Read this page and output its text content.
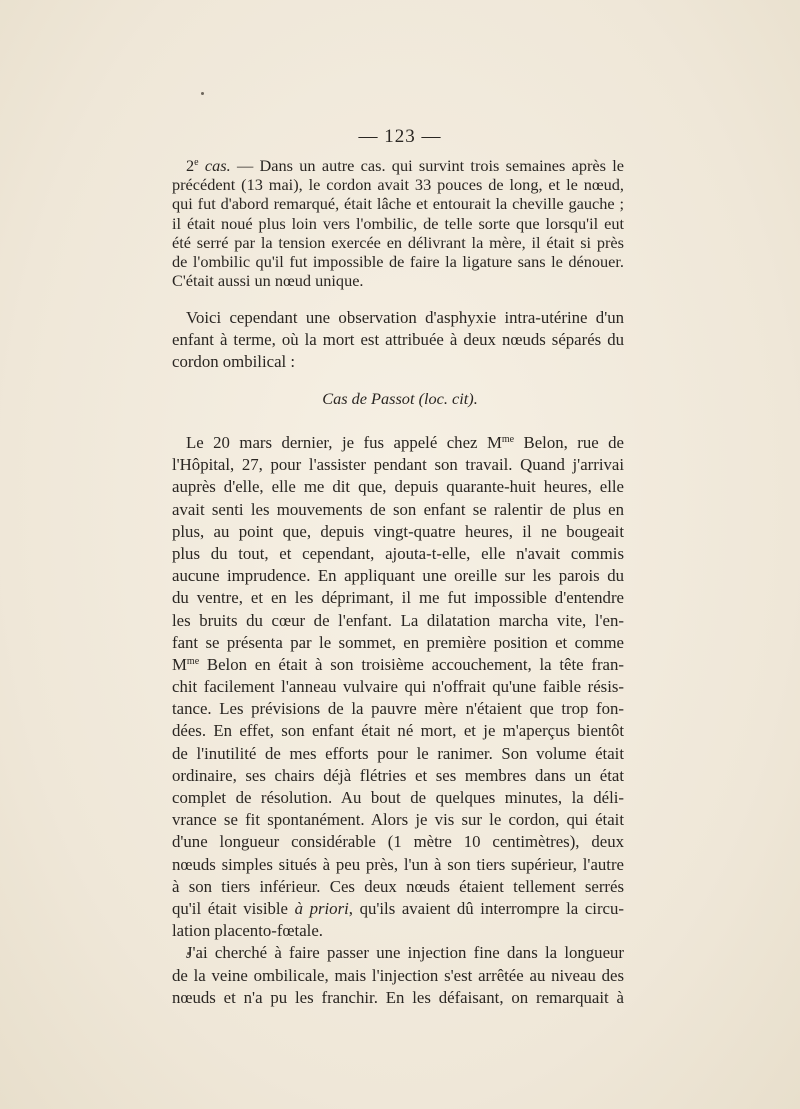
— 123 —
2e cas. — Dans un autre cas. qui survint trois semaines après le
précédent (13 mai), le cordon avait 33 pouces de long, et le nœud,
qui fut d'abord remarqué, était lâche et entourait la cheville gauche ;
il était noué plus loin vers l'ombilic, de telle sorte que lorsqu'il eut
été serré par la tension exercée en délivrant la mère, il était si près
de l'ombilic qu'il fut impossible de faire la ligature sans le dénouer.
C'était aussi un nœud unique.
Voici cependant une observation d'asphyxie intra-utérine d'un
enfant à terme, où la mort est attribuée à deux nœuds séparés du
cordon ombilical :
Cas de Passot (loc. cit).
Le 20 mars dernier, je fus appelé chez $M^{me}$ Belon, rue de
l'Hôpital, 27, pour l'assister pendant son travail. Quand j'arrivai
auprès d'elle, elle me dit que, depuis quarante-huit heures, elle
avait senti les mouvements de son enfant se ralentir de plus en
plus, au point que, depuis vingt-quatre heures, il ne bougeait
plus du tout, et cependant, ajouta-t-elle, elle n'avait commis
aucune imprudence. En appliquant une oreille sur les parois du
du ventre, et en les déprimant, il me fut impossible d'entendre
les bruits du cœur de l'enfant. La dilatation marcha vite, l'en-
fant se présenta par le sommet, en première position et comme
$M^{me}$ Belon en était à son troisième accouchement, la tête fran-
chit facilement l'anneau vulvaire qui n'offrait qu'une faible résis-
tance. Les prévisions de la pauvre mère n'étaient que trop fon-
dées. En effet, son enfant était né mort, et je m'aperçus bientôt
de l'inutilité de mes efforts pour le ranimer. Son volume était
ordinaire, ses chairs déjà flétries et ses membres dans un état
complet de résolution. Au bout de quelques minutes, la déli-
vrance se fit spontanément. Alors je vis sur le cordon, qui était
d'une longueur considérable (1 mètre 10 centimètres), deux
nœuds simples situés à peu près, l'un à son tiers supérieur, l'autre
à son tiers inférieur. Ces deux nœuds étaient tellement serrés
qu'il était visible à priori, qu'ils avaient dû interrompre la circu-
lation placento-fœtale.
J'ai cherché à faire passer une injection fine dans la longueur
de la veine ombilicale, mais l'injection s'est arrêtée au niveau des
nœuds et n'a pu les franchir. En les défaisant, on remarquait à
